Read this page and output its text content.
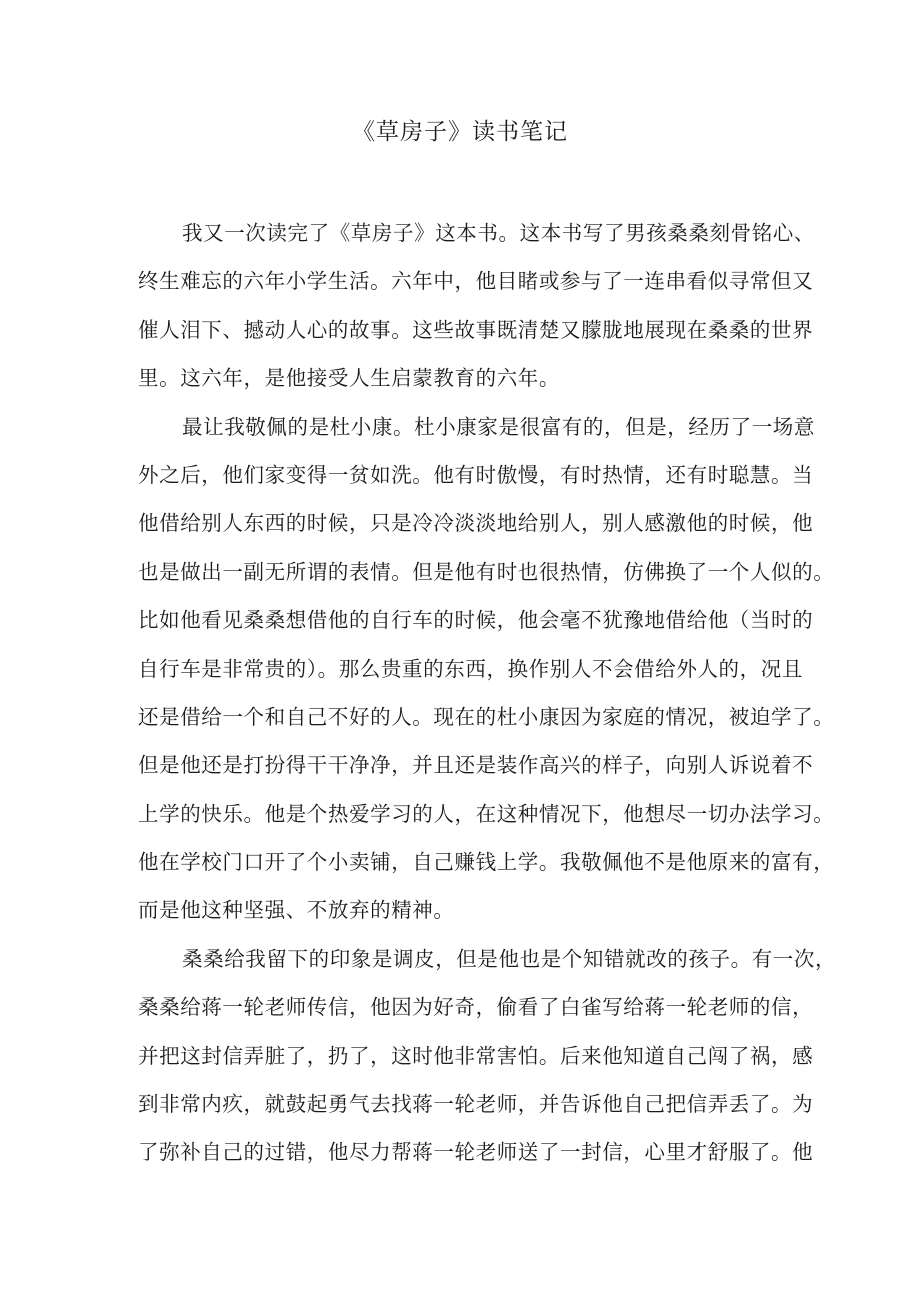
《草房子》读书笔记
我又一次读完了《草房子》这本书。这本书写了男孩桑桑刻骨铭心、
终生难忘的六年小学生活。六年中，他目睹或参与了一连串看似寻常但又
催人泪下、撼动人心的故事。这些故事既清楚又朦胧地展现在桑桑的世界
里。这六年，是他接受人生启蒙教育的六年。
最让我敬佩的是杜小康。杜小康家是很富有的，但是，经历了一场意
外之后，他们家变得一贫如洗。他有时傲慢，有时热情，还有时聪慧。当
他借给别人东西的时候，只是冷冷淡淡地给别人，别人感激他的时候，他
也是做出一副无所谓的表情。但是他有时也很热情，仿佛换了一个人似的。
比如他看见桑桑想借他的自行车的时候，他会毫不犹豫地借给他（当时的
自行车是非常贵的）。那么贵重的东西，换作别人不会借给外人的，况且
还是借给一个和自己不好的人。现在的杜小康因为家庭的情况，被迫学了。
但是他还是打扮得干干净净，并且还是装作高兴的样子，向别人诉说着不
上学的快乐。他是个热爱学习的人，在这种情况下，他想尽一切办法学习。
他在学校门口开了个小卖铺，自己赚钱上学。我敬佩他不是他原来的富有，
而是他这种坚强、不放弃的精神。
桑桑给我留下的印象是调皮，但是他也是个知错就改的孩子。有一次，
桑桑给蒋一轮老师传信，他因为好奇，偷看了白雀写给蒋一轮老师的信，
并把这封信弄脏了，扔了，这时他非常害怕。后来他知道自己闯了祸，感
到非常内疚，就鼓起勇气去找蒋一轮老师，并告诉他自己把信弄丢了。为
了弥补自己的过错，他尽力帮蒋一轮老师送了一封信，心里才舒服了。他
